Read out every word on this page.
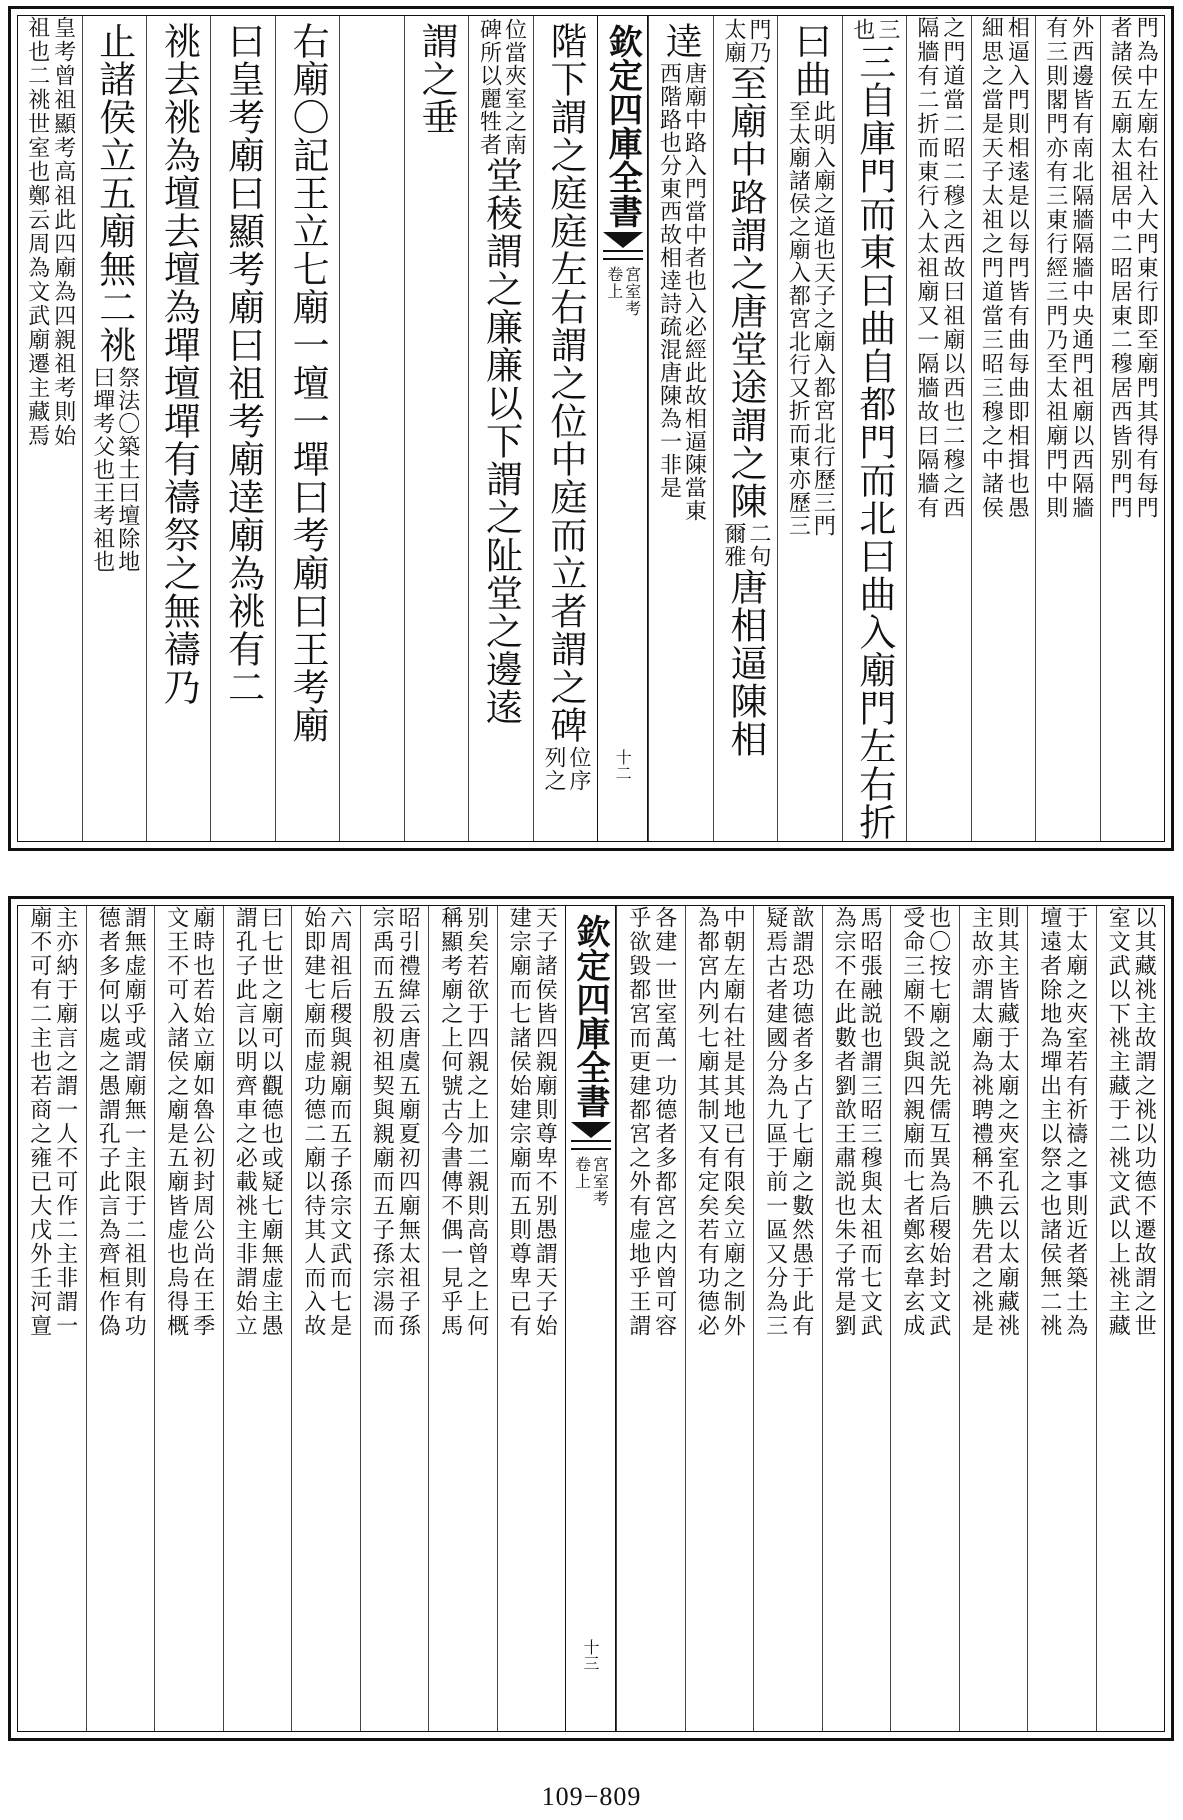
門為中左廟右社入大門東行即至廟門其得有每門
者諸侯五廟太祖居中二昭居東二穆居西皆别門門
外西邊皆有南北隔牆隔牆中央通門祖廟以西隔牆
有三則閣門亦有三東行經三門乃至太祖廟門中則
相逼入門則相逺是以每門皆有曲每曲即相揖也愚
細思之當是天子太祖之門道當三昭三穆之中諸侯
之門道當二昭二穆之西故曰祖廟以西也二穆之西
隔牆有二折而東行入太祖廟又一隔牆故曰隔牆有
三
也
三自庫門而東曰曲自都門而北曰曲入廟門左右折
曰曲
此明入廟之道也天子之廟入都宮北行歷三門
至太廟諸侯之廟入都宮北行又折而東亦歷三
門乃
太廟
至
廟中路謂之唐堂途謂之陳
二句
爾雅
唐相逼陳相
逹
唐廟中路入門當中者也入必經此故相逼陳當東
西階路也分東西故相逹詩疏混唐陳為一非是
欽定四庫全書
宮室考
卷上
十二
階下謂之庭庭左右謂之位中庭而立者謂之碑
位序
列之
位當夾室之南
碑所以麗牲者
堂稜謂之廉廉以下謂之阯堂之邊逺
謂之垂
右廟〇記王立七廟一壇一墠曰考廟曰王考廟
曰皇考廟曰顯考廟曰祖考廟逹廟為祧有二
祧去祧為壇去壇為墠壇墠有禱祭之無禱乃
止諸侯立五廟無二祧
祭法〇築土曰壇除地
曰墠考父也王考祖也
皇考曾祖顯考高祖此四廟為四親祖考則始
祖也二祧世室也鄭云周為文武廟遷主藏焉
以其藏祧主故謂之祧以功德不遷故謂之世
室文武以下祧主藏于二祧文武以上祧主藏
于太廟之夾室若有祈禱之事則近者築土為
壇遠者除地為墠出主以祭之也諸侯無二祧
則其主皆藏于太廟之夾室孔云以太廟藏祧
主故亦謂太廟為祧聘禮稱不腆先君之祧是
也〇按七廟之説先儒互異為后稷始封文武
受命三廟不毀與四親廟而七者鄭玄韋玄成
馬昭張融説也謂三昭三穆與太祖而七文武
為宗不在此數者劉歆王肅説也朱子常是劉
歆謂恐功德者多占了七廟之數然愚于此有
疑焉古者建國分為九區于前一區又分為三
中朝左廟右社是其地已有限矣立廟之制外
為都宮内列七廟其制又有定矣若有功德必
各建一世室萬一功德者多都宮之内曾可容
乎欲毀都宮而更建都宮之外有虚地乎王謂
欽定四庫全書
宮室考
卷上
十三
天子諸侯皆四親廟則尊卑不别愚謂天子始
建宗廟而七諸侯始建宗廟而五則尊卑已有
别矣若欲于四親之上加二親則高曾之上何
稱顯考廟之上何號古今書傳不偶一見乎馬
昭引禮緯云唐虞五廟夏初四廟無太祖子孫
宗禹而五殷初祖契與親廟而五子孫宗湯而
六周祖后稷與親廟而五子孫宗文武而七是
始即建七廟而虚功德二廟以待其人而入故
曰七世之廟可以觀德也或疑七廟無虚主愚
謂孔子此言以明齊車之必載祧主非謂始立
廟時也若始立廟如魯公初封周公尚在王季
文王不可入諸侯之廟是五廟皆虚也烏得概
謂無虚廟乎或謂廟無一主限于二祖則有功
德者多何以處之愚謂孔子此言為齊桓作偽
主亦納于廟言之謂一人不可作二主非謂一
廟不可有二主也若商之雍已大戊外壬河亶
109−809
